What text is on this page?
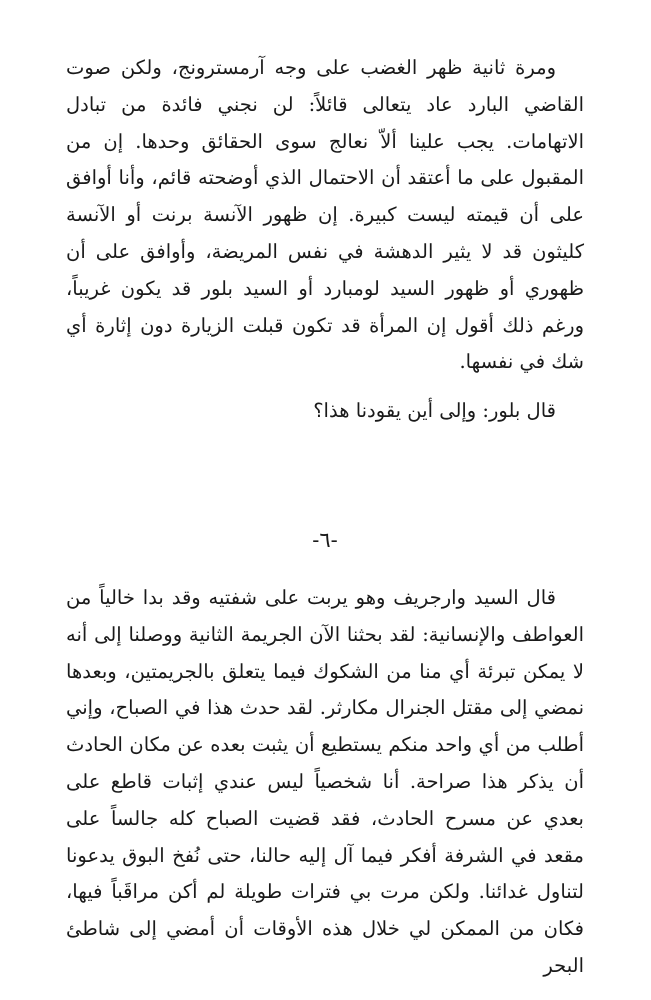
ومرة ثانية ظهر الغضب على وجه آرمسترونج، ولكن صوت القاضي البارد عاد يتعالى قائلاً: لن نجني فائدة من تبادل الاتهامات. يجب علينا ألاّ نعالج سوى الحقائق وحدها. إن من المقبول على ما أعتقد أن الاحتمال الذي أوضحته قائم، وأنا أوافق على أن قيمته ليست كبيرة. إن ظهور الآنسة برنت أو الآنسة كليثون قد لا يثير الدهشة في نفس المريضة، وأوافق على أن ظهوري أو ظهور السيد لومبارد أو السيد بلور قد يكون غريباً، ورغم ذلك أقول إن المرأة قد تكون قبلت الزيارة دون إثارة أي شك في نفسها.

قال بلور: وإلى أين يقودنا هذا؟

-٦-

قال السيد وارجريف وهو يربت على شفتيه وقد بدا خالياً من العواطف والإنسانية: لقد بحثنا الآن الجريمة الثانية ووصلنا إلى أنه لا يمكن تبرئة أي منا من الشكوك فيما يتعلق بالجريمتين، وبعدها نمضي إلى مقتل الجنرال مكارثر. لقد حدث هذا في الصباح، وإني أطلب من أي واحد منكم يستطيع أن يثبت بعده عن مكان الحادث أن يذكر هذا صراحة. أنا شخصياً ليس عندي إثبات قاطع على بعدي عن مسرح الحادث، فقد قضيت الصباح كله جالساً على مقعد في الشرفة أفكر فيما آل إليه حالنا، حتى نُفخ البوق يدعونا لتناول غدائنا. ولكن مرت بي فترات طويلة لم أكن مراقَباً فيها، فكان من الممكن لي خلال هذه الأوقات أن أمضي إلى شاطئ البحر
